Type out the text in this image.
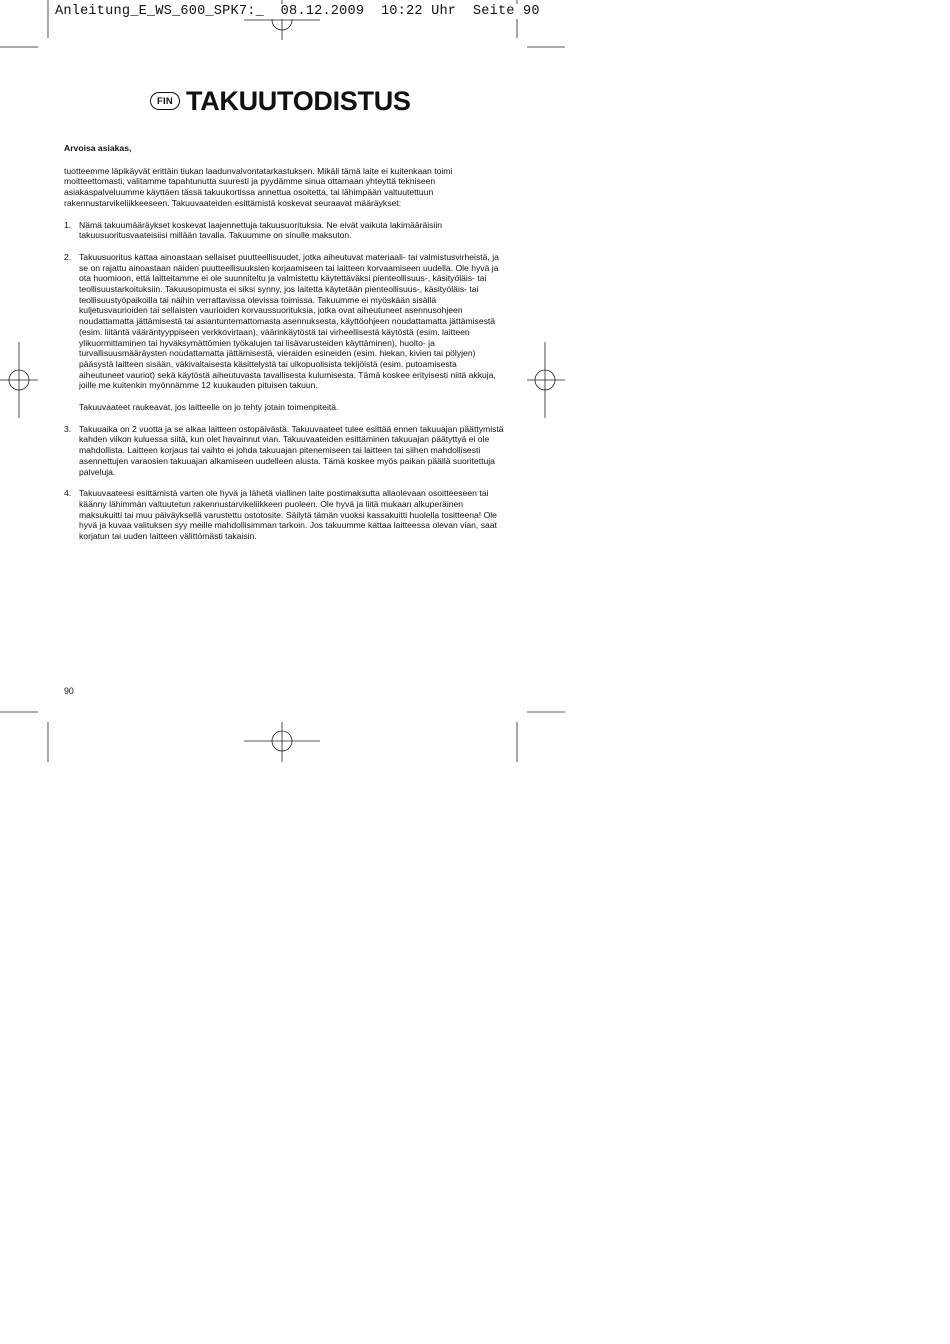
Anleitung_E_WS_600_SPK7:_  08.12.2009  10:22 Uhr  Seite 90
FIN TAKUUTODISTUS

Arvoisa asiakas,

tuotteemme läpikäyvät erittäin tiukan laadunvalvontatarkastuksen. Mikäli tämä laite ei kuitenkaan toimi moitteettomasti, valitamme tapahtunutta suuresti ja pyydämme sinua ottamaan yhteyttä tekniseen asiakaspalveluumme käyttäen tässä takuukortissa annettua osoitetta, tai lähimpään valtuutettuun rakennustarvikeliikkeeseen. Takuuvaateiden esittämistä koskevat seuraavat määräykset:

1. Nämä takuumääräykset koskevat laajennettuja takuusuorituksia. Ne eivät vaikuta lakimääräisiin takuusuoritusvaateisiisi millään tavalla. Takuumme on sinulle maksuton.

2. Takuusuoritus kattaa ainoastaan sellaiset puutteellisuudet, jotka aiheutuvat materiaali- tai valmistusvirheistä, ja se on rajattu ainoastaan näiden puutteellisuuksien korjaamiseen tai laitteen korvaamiseen uudella. Ole hyvä ja ota huomioon, että laitteitamme ei ole suunniteltu ja valmistettu käytettäväksi pienteollisuus-, käsityöläis- tai teollisuustarkoituksiin. Takuusopimusta ei siksi synny, jos laitetta käytetään pienteollisuus-, käsityöläis- tai teollisuustyöpaikoilla tai näihin verrattavissa olevissa toimissa. Takuumme ei myöskään sisällä kuljetusvaurioiden tai sellaisten vaurioiden korvaussuorituksia, jotka ovat aiheutuneet asennusohjeen noudattamatta jättämisestä tai asiantuntemattomasta asennuksesta, käyttöohjeen noudattamatta jättämisestä (esim. liitäntä vääräntyyppiseen verkkovirtaan), väärinkäytöstä tai virheellisestä käytöstä (esim. laitteen ylikuormittaminen tai hyväksymättömien työkalujen tai lisävarusteiden käyttäminen), huolto- ja turvallisuusmääräysten noudattamatta jättämisestä, vieraiden esineiden (esim. hiekan, kivien tai pölyjen) pääsystä laitteen sisään, väkivaltaisesta käsittelystä tai ulkopuolisista tekijöistä (esim. putoamisesta aiheutuneet vauriot) sekä käytöstä aiheutuvasta tavallisesta kulumisesta. Tämä koskee erityisesti niitä akkuja, joille me kuitenkin myönnämme 12 kuukauden pituisen takuun.

Takuuvaateet raukeavat, jos laitteelle on jo tehty jotain toimenpiteitä.

3. Takuuaika on 2 vuotta ja se alkaa laitteen ostopäivästä. Takuuvaateet tulee esittää ennen takuuajan päättymistä kahden viikon kuluessa siitä, kun olet havainnut vian. Takuuvaateiden esittäminen takuuajan päätyttyä ei ole mahdollista. Laitteen korjaus tai vaihto ei johda takuuajan pitenemiseen tai laitteen tai siihen mahdollisesti asennettujen varaosien takuuajan alkamiseen uudelleen alusta. Tämä koskee myös paikan päällä suoritettuja palveluja.

4. Takuuvaateesi esittämistä varten ole hyvä ja lähetä viallinen laite postimaksutta allaolevaan osoitteeseen tai käänny lähimmän valtuutetun rakennustarvikeliikkeen puoleen. Ole hyvä ja liitä mukaan alkuperäinen maksukuitti tai muu päiväyksellä varustettu ostotosite. Säilytä tämän vuoksi kassakuitti huolella tositteena! Ole hyvä ja kuvaa valituksen syy meille mahdollisimman tarkoin. Jos takuumme kattaa laitteessa olevan vian, saat korjatun tai uuden laitteen välittömästi takaisin.

90
